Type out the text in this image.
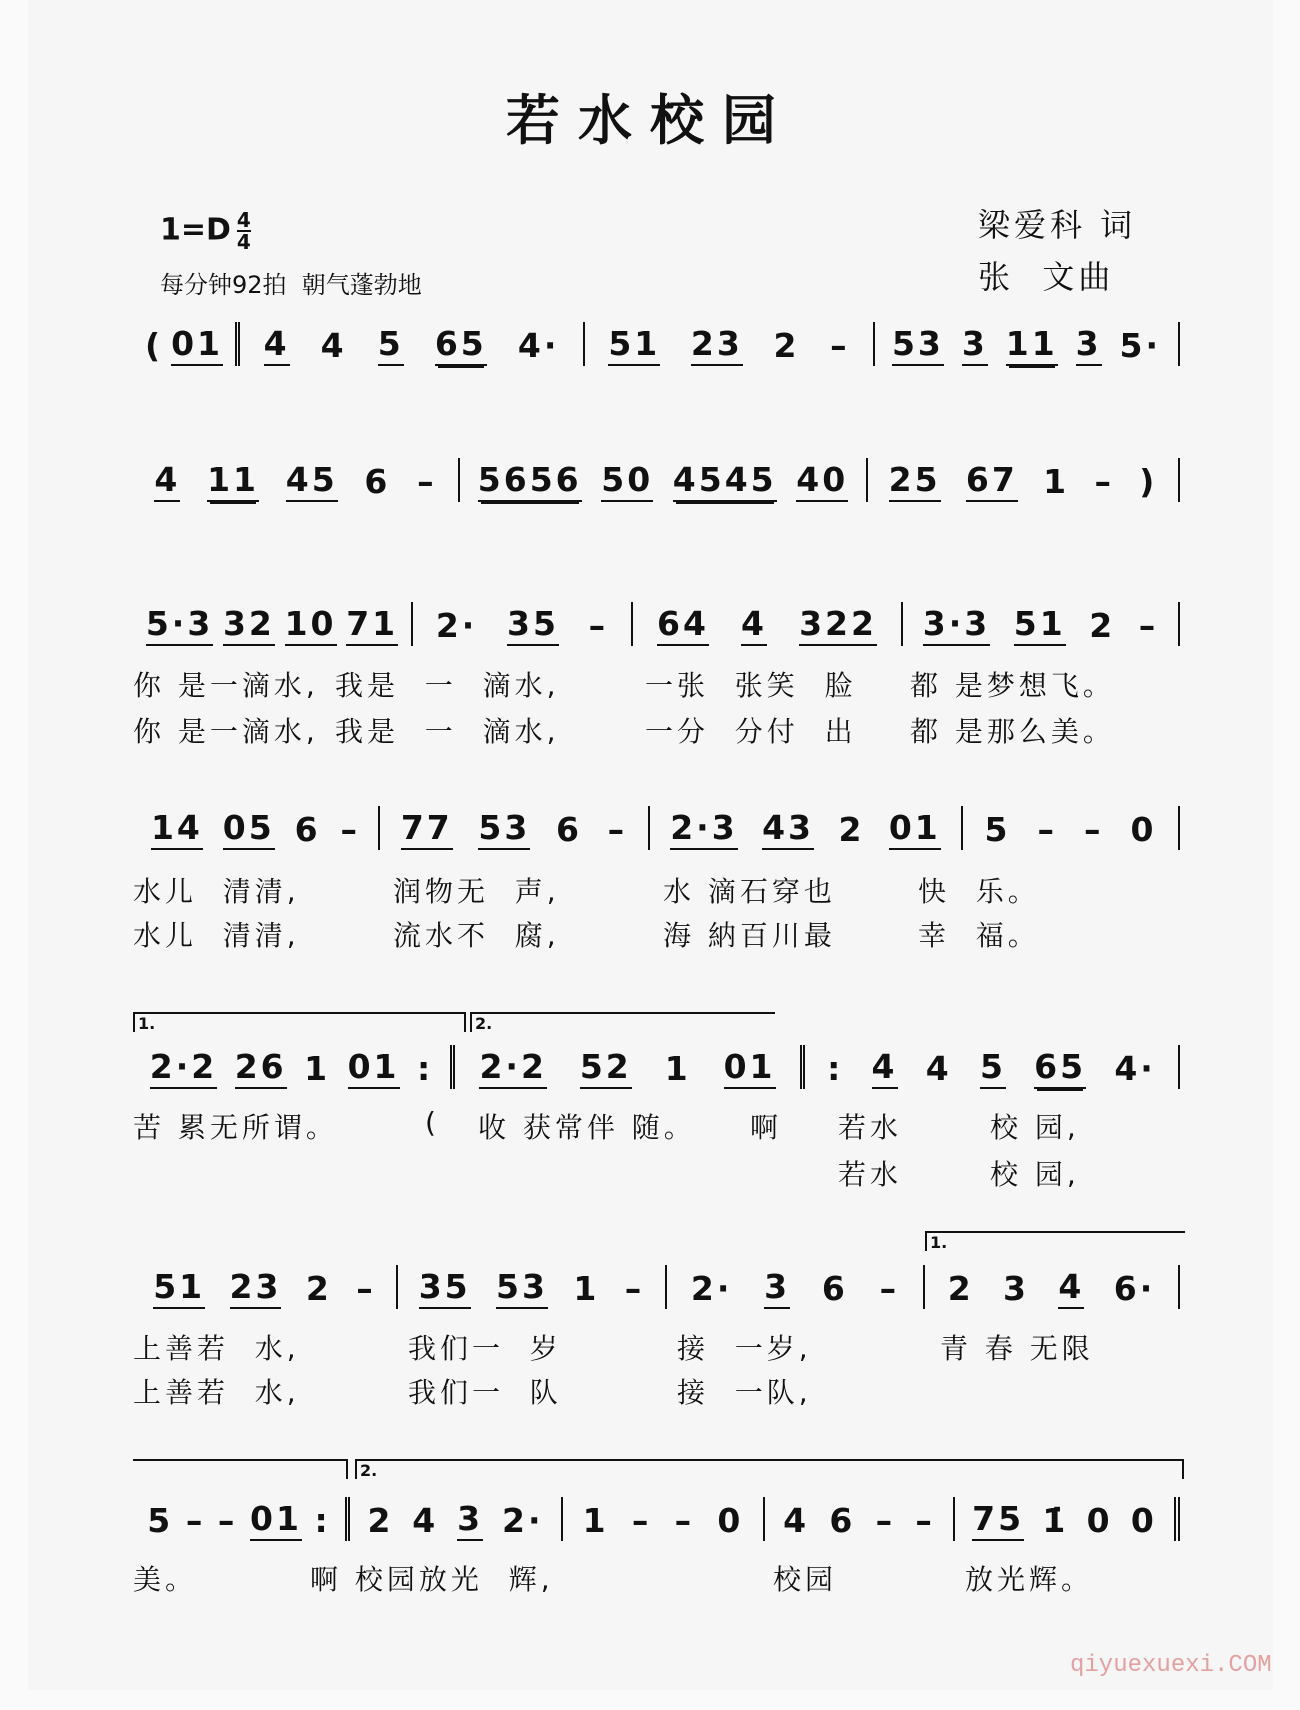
若水校园
$1=D \frac{4}{4}$
每分钟92拍  朝气蓬勃地
梁爱科 词
张  文曲
( 01 4 4 5 65 4· 51 23 2 – 53 3 11 3 5·
4 11 45 6 – 5656 50 4545 40 25 67 1 – )
5·3 32 10 71 2· 35 – 64 4 322 3·3 51 2 –
14 05 6 – 77 53 6 – 2·3 43 2 01 5 – – 0
2·2 26 1 01 : 2·2 52 1 01 : 4 4 5 65 4·
51 23 2 – 35 53 1 – 2· 3 6 – 2 3 4 6·
5 – – 01 : 2 4 3 2· 1 – – 0 4 6 – – 75 1̇ 0 0
1.	2.
1.
2.
你 是一滴水, 我是  一  滴水,	一张  张笑  脸 都 是梦想飞。
你 是一滴水, 我是  一  滴水,	一分  分付  出 都 是那么美。
水儿  清清,	润物无  声,	水 滴石穿也	快  乐。
水儿  清清,	流水不  腐,	海 納百川最	幸  福。
苦 累无所谓。	( 收 获常伴 随。 啊 若水	校 园,
若水	校 园,
上善若  水,	我们一  岁	接  一岁,	青 春 无限
上善若  水,	我们一  队	接  一队,
美。	啊 校园放光  辉,	校园	放光辉。
qiyuexuexi.COM
